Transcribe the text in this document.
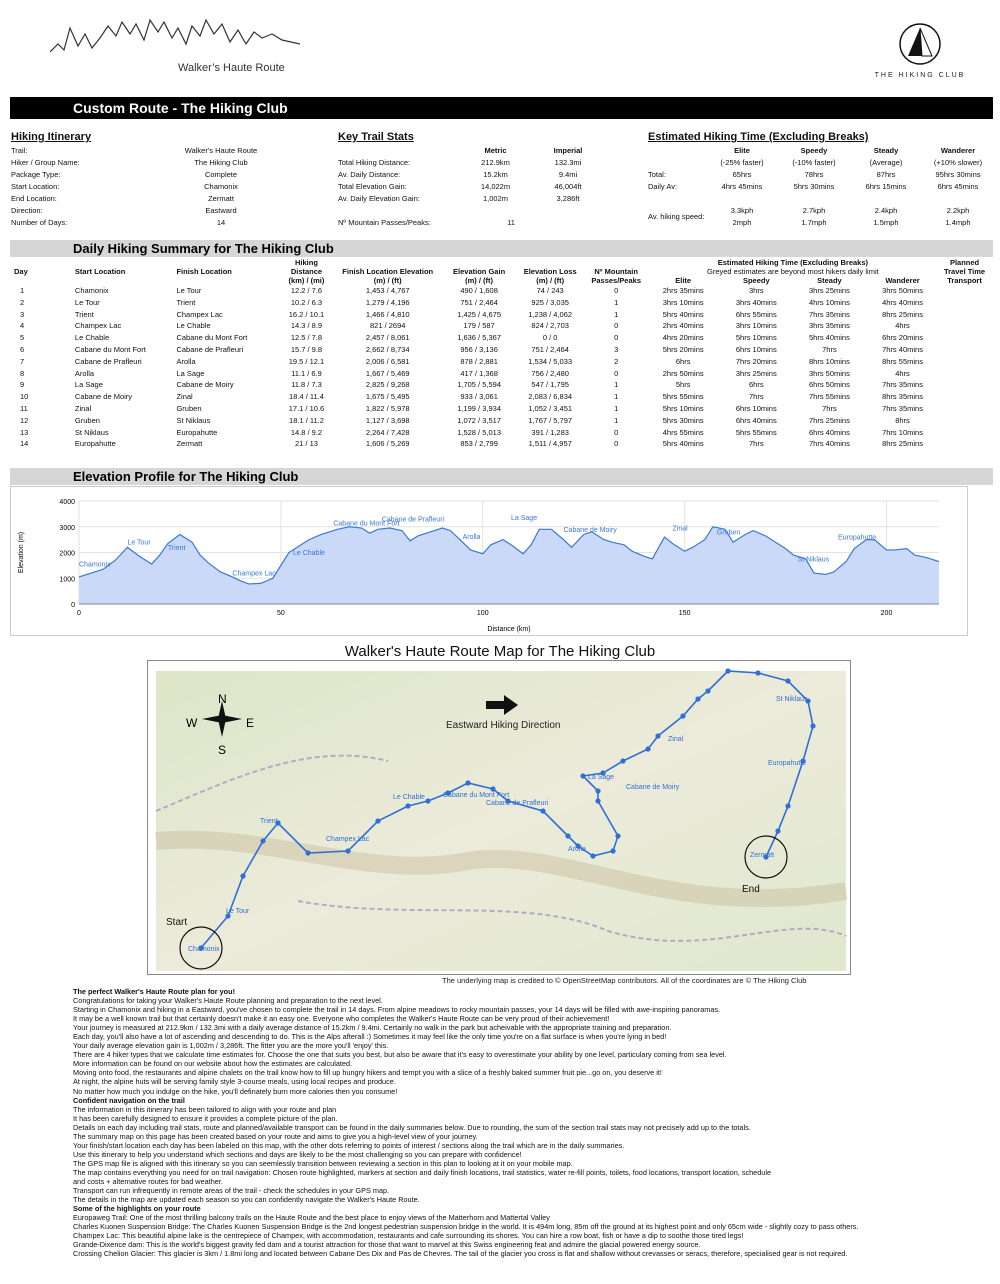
Walker’s Haute Route
THE HIKING CLUB
Custom Route - The Hiking Club
Hiking Itinerary
Trail:	Walker's Haute Route
Hiker / Group Name:	The Hiking Club
Package Type:	Complete
Start Location:	Chamonix
End Location:	Zermatt
Direction:	Eastward
Number of Days:	14
Key Trail Stats
Metric	Imperial
Total Hiking Distance:	212.9km	132.3mi
Av. Daily Distance:	15.2km	9.4mi
Total Elevation Gain:	14,022m	46,004ft
Av. Daily Elevation Gain:	1,002m	3,286ft
Nº Mountain Passes/Peaks:	11
Estimated Hiking Time (Excluding Breaks)
Elite	Speedy	Steady	Wanderer
(-25% faster)	(-10% faster)	(Average)	(+10% slower)
Total:	65hrs	78hrs	87hrs	95hrs 30mins
Daily Av:	4hrs 45mins	5hrs 30mins	6hrs 15mins	6hrs 45mins
3.3kph	2.7kph	2.4kph	2.2kph
2mph	1.7mph	1.5mph	1.4mph
Av. hiking speed:
Daily Hiking Summary for The Hiking Club
Day	Start Location	Finish Location	Hiking Distance	Finish Location Elevation	Elevation Gain	Elevation Loss	Nº Mountain	Estimated Hiking Time (Excluding Breaks)
Greyed estimates are beyond most hikers daily limit				Planned Travel Time
			(km) / (mi)	(m) / (ft)	(m) / (ft)	(m) / (ft)	Passes/Peaks	Elite	Speedy	Steady	Wanderer	Transport
1	Chamonix	Le Tour	12.2 / 7.6	1,453 / 4,767	490 / 1,608	74 / 243	0	2hrs 35mins	3hrs	3hrs 25mins	3hrs 50mins	
2	Le Tour	Trient	10.2 / 6.3	1,279 / 4,196	751 / 2,464	925 / 3,035	1	3hrs 10mins	3hrs 40mins	4hrs 10mins	4hrs 40mins	
3	Trient	Champex Lac	16.2 / 10.1	1,466 / 4,810	1,425 / 4,675	1,238 / 4,062	1	5hrs 40mins	6hrs 55mins	7hrs 35mins	8hrs 25mins	
4	Champex Lac	Le Chable	14.3 / 8.9	821 / 2694	179 / 587	824 / 2,703	0	2hrs 40mins	3hrs 10mins	3hrs 35mins	4hrs	
5	Le Chable	Cabane du Mont Fort	12.5 / 7.8	2,457 / 8,061	1,636 / 5,367	0 / 0	0	4hrs 20mins	5hrs 10mins	5hrs 40mins	6hrs 20mins	
6	Cabane du Mont Fort	Cabane de Prafleuri	15.7 / 9.8	2,662 / 8,734	956 / 3,136	751 / 2,464	3	5hrs 20mins	6hrs 10mins	7hrs	7hrs 40mins	
7	Cabane de Prafleuri	Arolla	19.5 / 12.1	2,006 / 6,581	878 / 2,881	1,534 / 5,033	2	6hrs	7hrs 20mins	8hrs 10mins	8hrs 55mins	
8	Arolla	La Sage	11.1 / 6.9	1,667 / 5,469	417 / 1,368	756 / 2,480	0	2hrs 50mins	3hrs 25mins	3hrs 50mins	4hrs	
9	La Sage	Cabane de Moiry	11.8 / 7.3	2,825 / 9,268	1,705 / 5,594	547 / 1,795	1	5hrs	6hrs	6hrs 50mins	7hrs 35mins	
10	Cabane de Moiry	Zinal	18.4 / 11.4	1,675 / 5,495	933 / 3,061	2,083 / 6,834	1	5hrs 55mins	7hrs	7hrs 55mins	8hrs 35mins	
11	Zinal	Gruben	17.1 / 10.6	1,822 / 5,978	1,199 / 3,934	1,052 / 3,451	1	5hrs 10mins	6hrs 10mins	7hrs	7hrs 35mins	
12	Gruben	St Niklaus	18.1 / 11.2	1,127 / 3,698	1,072 / 3,517	1,767 / 5,797	1	5hrs 30mins	6hrs 40mins	7hrs 25mins	8hrs	
13	St Niklaus	Europahutte	14.8 / 9.2	2,264 / 7,428	1,528 / 5,013	391 / 1,283	0	4hrs 55mins	5hrs 55mins	6hrs 40mins	7hrs 10mins	
14	Europahutte	Zermatt	21 / 13	1,606 / 5,269	853 / 2,799	1,511 / 4,957	0	5hrs 40mins	7hrs	7hrs 40mins	8hrs 25mins	
Elevation Profile for The Hiking Club
0
1000
2000
3000
4000
0	50	100	150	200
Chamonix
Le Tour
Trient
Champex Lac
Le Chable
Cabane du Mont Fort
Cabane de Prafleuri
Arolla
La Sage
Cabane de Moiry	Zinal
Gruben
St Niklaus
Europahutte
Distance (km)
Elevation (m)
Walker's Haute Route Map for The Hiking Club
Chamonix
Le Tour
Trient
Champex Lac
Le Chable	Cabane du Mont Fort
Cabane de Prafleuri
Arolla
La Sage
Cabane de Moiry
Zinal
St Niklaus
Europahutte
Zermatt
N
S
E
W	Eastward Hiking Direction
Start
End
The underlying map is credited to © OpenStreetMap contributors. All of the coordinates are © The Hiking Club
The perfect Walker's Haute Route plan for you!
Congratulations for taking your Walker's Haute Route planning and preparation to the next level.
Starting in Chamonix and hiking in a Eastward, you've chosen to complete the trail in 14 days. From alpine meadows to rocky mountain passes, your 14 days will be filled with awe-inspiring panoramas.
It may be a well known trail but that certainly doesn't make it an easy one. Everyone who completes the Walker's Haute Route can be very proud of their achievement!
Your journey is measured at 212.9km / 132.3mi with a daily average distance of 15.2km / 9.4mi. Certainly no walk in the park but acheivable with the appropriate training and preparation.
Each day, you'll also have a lot of ascending and descending to do. This is the Alps afterall :) Sometimes it may feel like the only time you're on a flat surface is when you're lying in bed!
Your daily average elevation gain is 1,002m / 3,286ft. The fitter you are the more you'll 'enjoy' this.
There are 4 hiker types that we calculate time estimates for. Choose the one that suits you best, but also be aware that it's easy to overestimate your ability by one level, particulary coming from sea level.
More information can be found on our website about how the estimates are calculated.
Moving onto food, the restaurants and alpine chalets on the trail know how to fill up hungry hikers and tempt you with a slice of a freshly baked summer fruit pie...go on, you deserve it!
At night, the alpine huts will be serving family style 3-course meals, using local recipes and produce.
No matter how much you indulge on the hike, you'll definately burn more calories then you consume!
Confident navigation on the trail
The information in this itinerary has been tailored to align with your route and plan
It has been carefully designed to ensure it provides a complete picture of the plan.
Details on each day including trail stats, route and planned/available transport can be found in the daily summaries below. Due to rounding, the sum of the section trail stats may not precisely add up to the totals.
The summary map on this page has been created based on your route and aims to give you a high-level view of your journey.
Your finish/start location each day has been labeled on this map, with the other dots referring to points of interest / sections along the trail which are in the daily summaries.
Use this itinerary to help you understand which sections and days are likely to be the most challenging so you can prepare with confidence!
The GPS map file is aligned with this itinerary so you can seemlessly transition between reviewing a section in this plan to looking at it on your mobile map.
The map contains everything you need for on trail navigation: Chosen route highlighted, markers at section and daily finish locations, trail statistics, water re-fill points, toilets, food locations, transport location, schedule
and costs + alternative routes for bad weather.
Transport can run infrequently in remote areas of the trail - check the schedules in your GPS map.
The details in the map are updated each season so you can confidently navigate the Walker's Haute Route.
Some of the highlights on your route
Europaweg Trail: One of the most thrilling balcony trails on the Haute Route and the best place to enjoy views of the Matterhorn and Mattertal Valley
Charles Kuonen Suspension Bridge: The Charles Kuonen Suspension Bridge is the 2nd longest pedestrian suspension bridge in the world. It is 494m long, 85m off the ground at its highest point and only 65cm wide - slightly cozy to pass others.
Champex Lac: This beautiful alpine lake is the centrepiece of Champex, with accommodation, restaurants and cafe surrounding its shores. You can hire a row boat, fish or have a dip to soothe those tired legs!
Grande-Dixence dam: This is the world's biggest gravity fed dam and a tourist attraction for those that want to marvel at this Swiss engineering feat and admire the glacial powered energy source.
Crossing Chelion Glacier: This glacier is 3km / 1.8mi long and located between Cabane Des Dix and Pas de Chevres. The tail of the glacier you cross is flat and shallow without crevasses or seracs, therefore, specialised gear is not required.
